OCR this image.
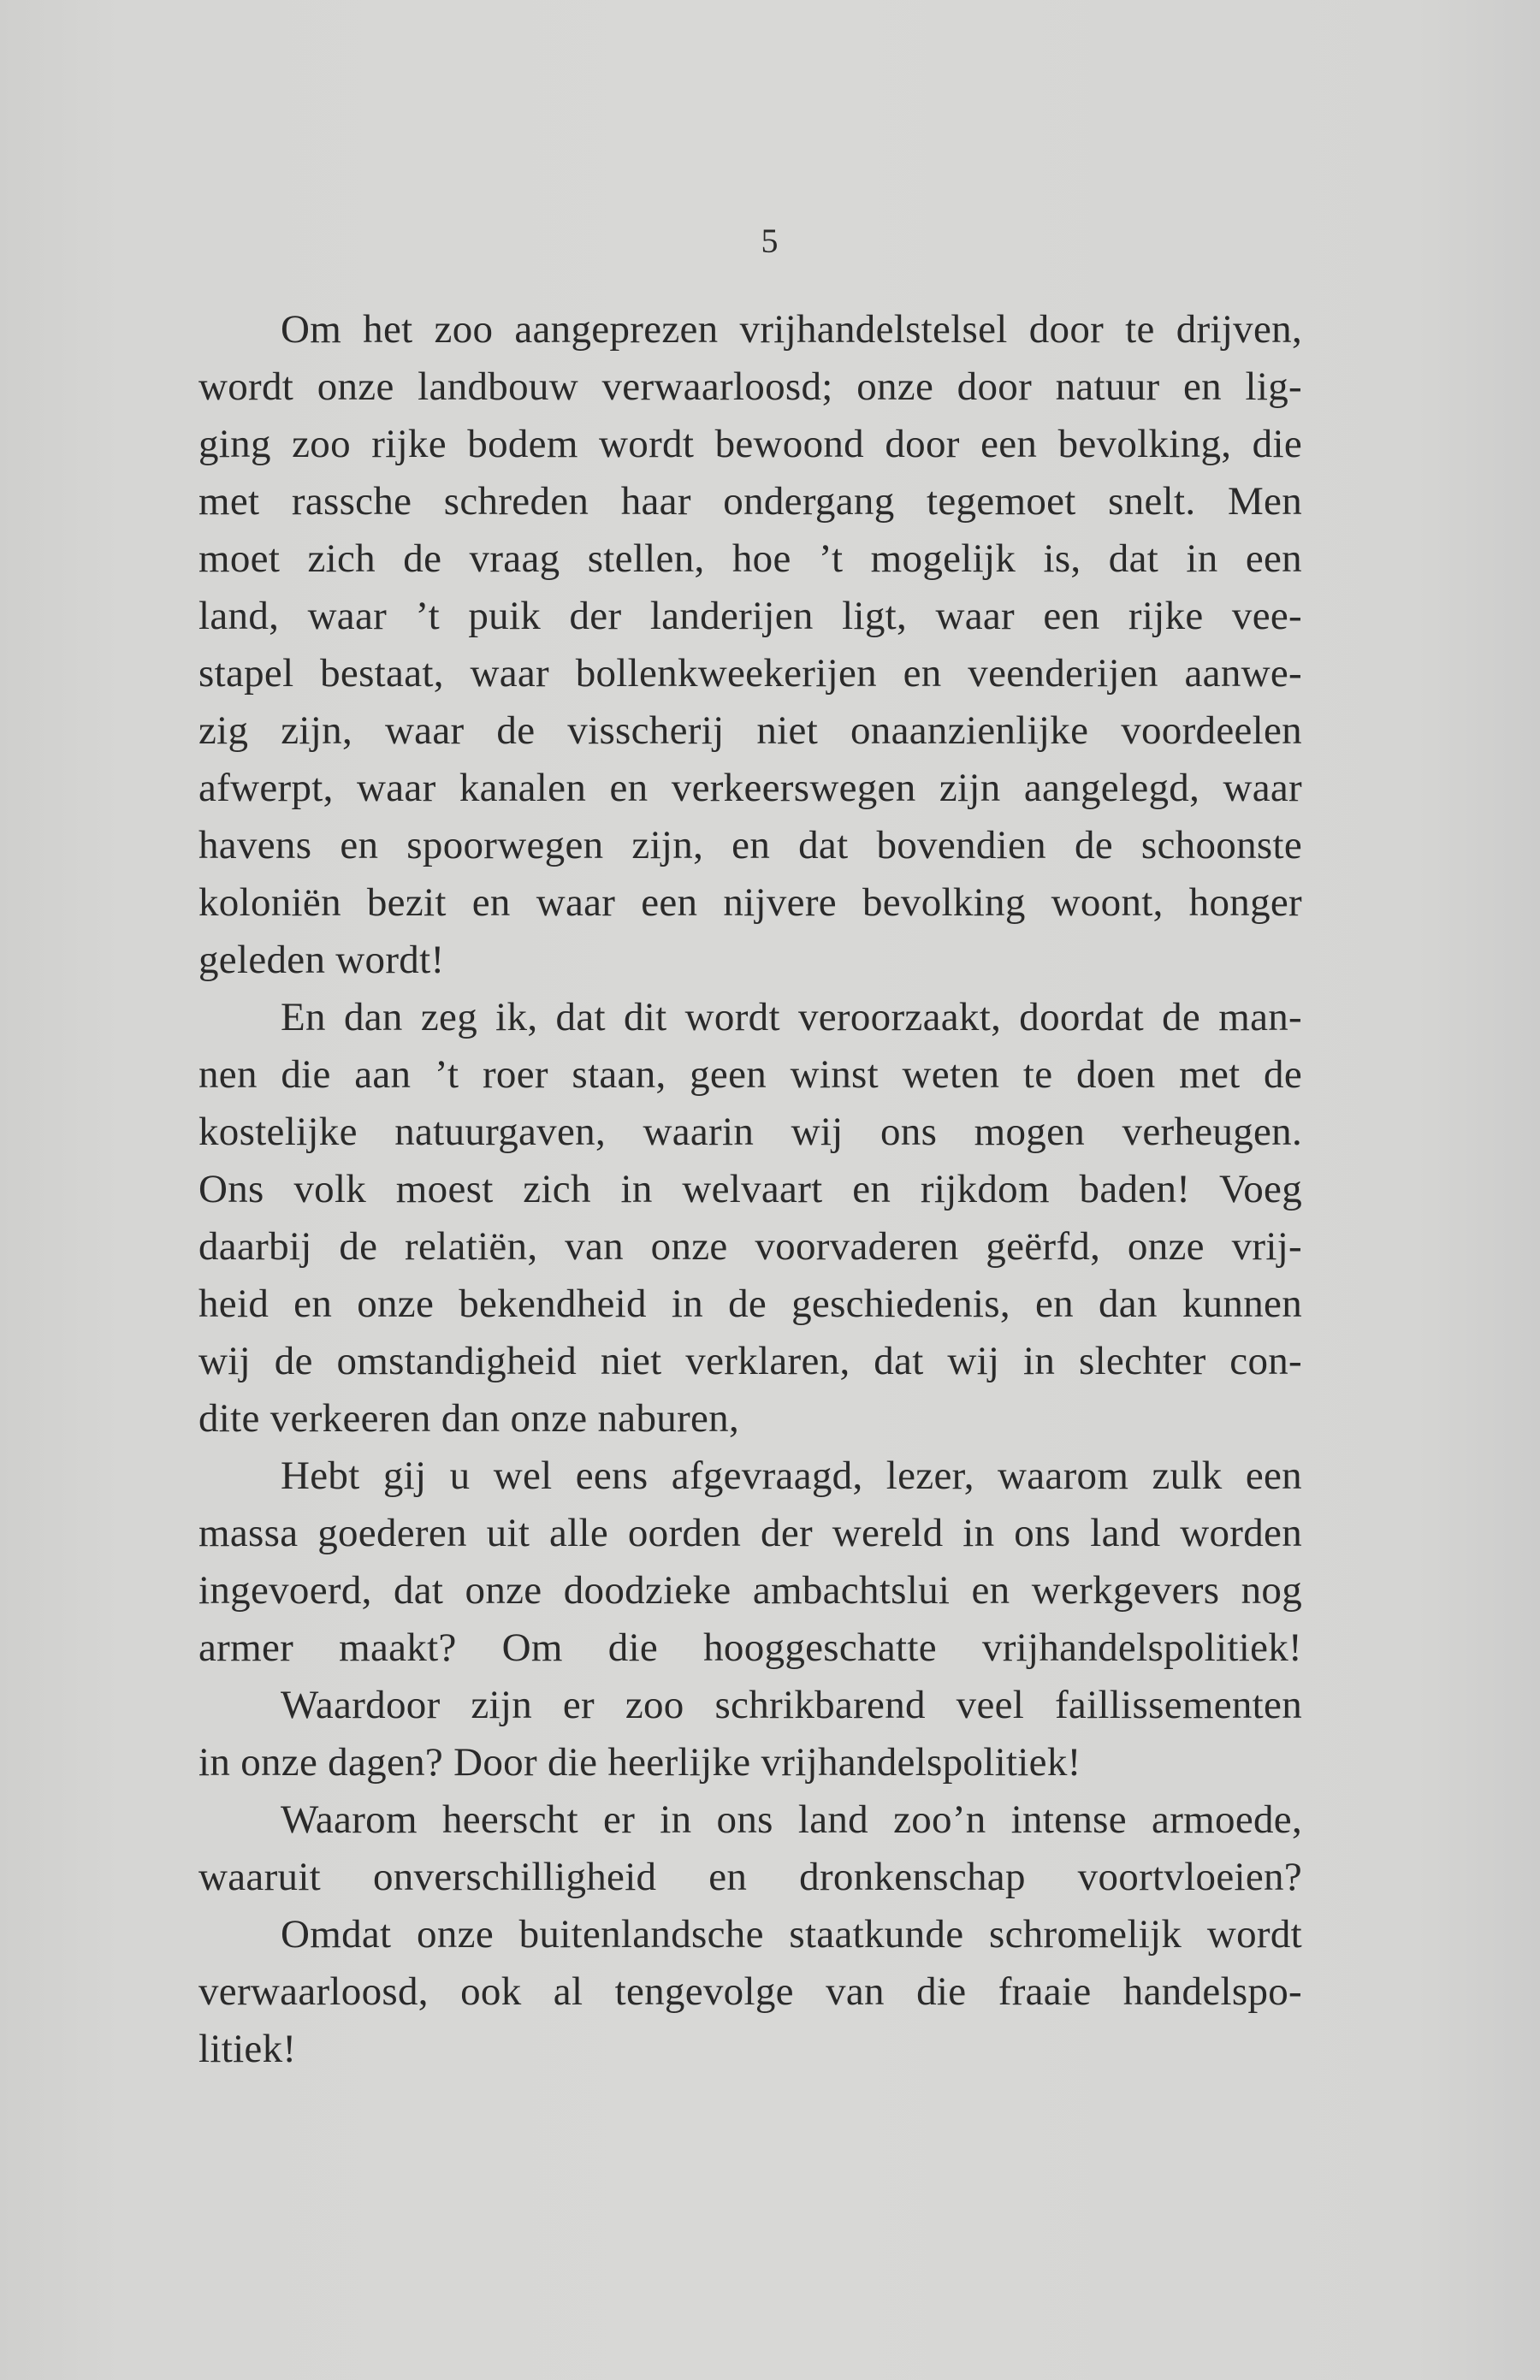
5
Om het zoo aangeprezen vrijhandelstelsel door te drijven,
wordt onze landbouw verwaarloosd; onze door natuur en lig-
ging zoo rijke bodem wordt bewoond door een bevolking, die
met rassche schreden haar ondergang tegemoet snelt. Men
moet zich de vraag stellen, hoe ’t mogelijk is, dat in een
land, waar ’t puik der landerijen ligt, waar een rijke vee-
stapel bestaat, waar bollenkweekerijen en veenderijen aanwe-
zig zijn, waar de visscherij niet onaanzienlijke voordeelen
afwerpt, waar kanalen en verkeerswegen zijn aangelegd, waar
havens en spoorwegen zijn, en dat bovendien de schoonste
koloniën bezit en waar een nijvere bevolking woont, honger
geleden wordt!
En dan zeg ik, dat dit wordt veroorzaakt, doordat de man-
nen die aan ’t roer staan, geen winst weten te doen met de
kostelijke natuurgaven, waarin wij ons mogen verheugen.
Ons volk moest zich in welvaart en rijkdom baden! Voeg
daarbij de relatiën, van onze voorvaderen geërfd, onze vrij-
heid en onze bekendheid in de geschiedenis, en dan kunnen
wij de omstandigheid niet verklaren, dat wij in slechter con-
dite verkeeren dan onze naburen,
Hebt gij u wel eens afgevraagd, lezer, waarom zulk een
massa goederen uit alle oorden der wereld in ons land worden
ingevoerd, dat onze doodzieke ambachtslui en werkgevers nog
armer maakt? Om die hooggeschatte vrijhandelspolitiek!
Waardoor zijn er zoo schrikbarend veel faillissementen
in onze dagen? Door die heerlijke vrijhandelspolitiek!
Waarom heerscht er in ons land zoo’n intense armoede,
waaruit onverschilligheid en dronkenschap voortvloeien?
Omdat onze buitenlandsche staatkunde schromelijk wordt
verwaarloosd, ook al tengevolge van die fraaie handelspo-
litiek!
